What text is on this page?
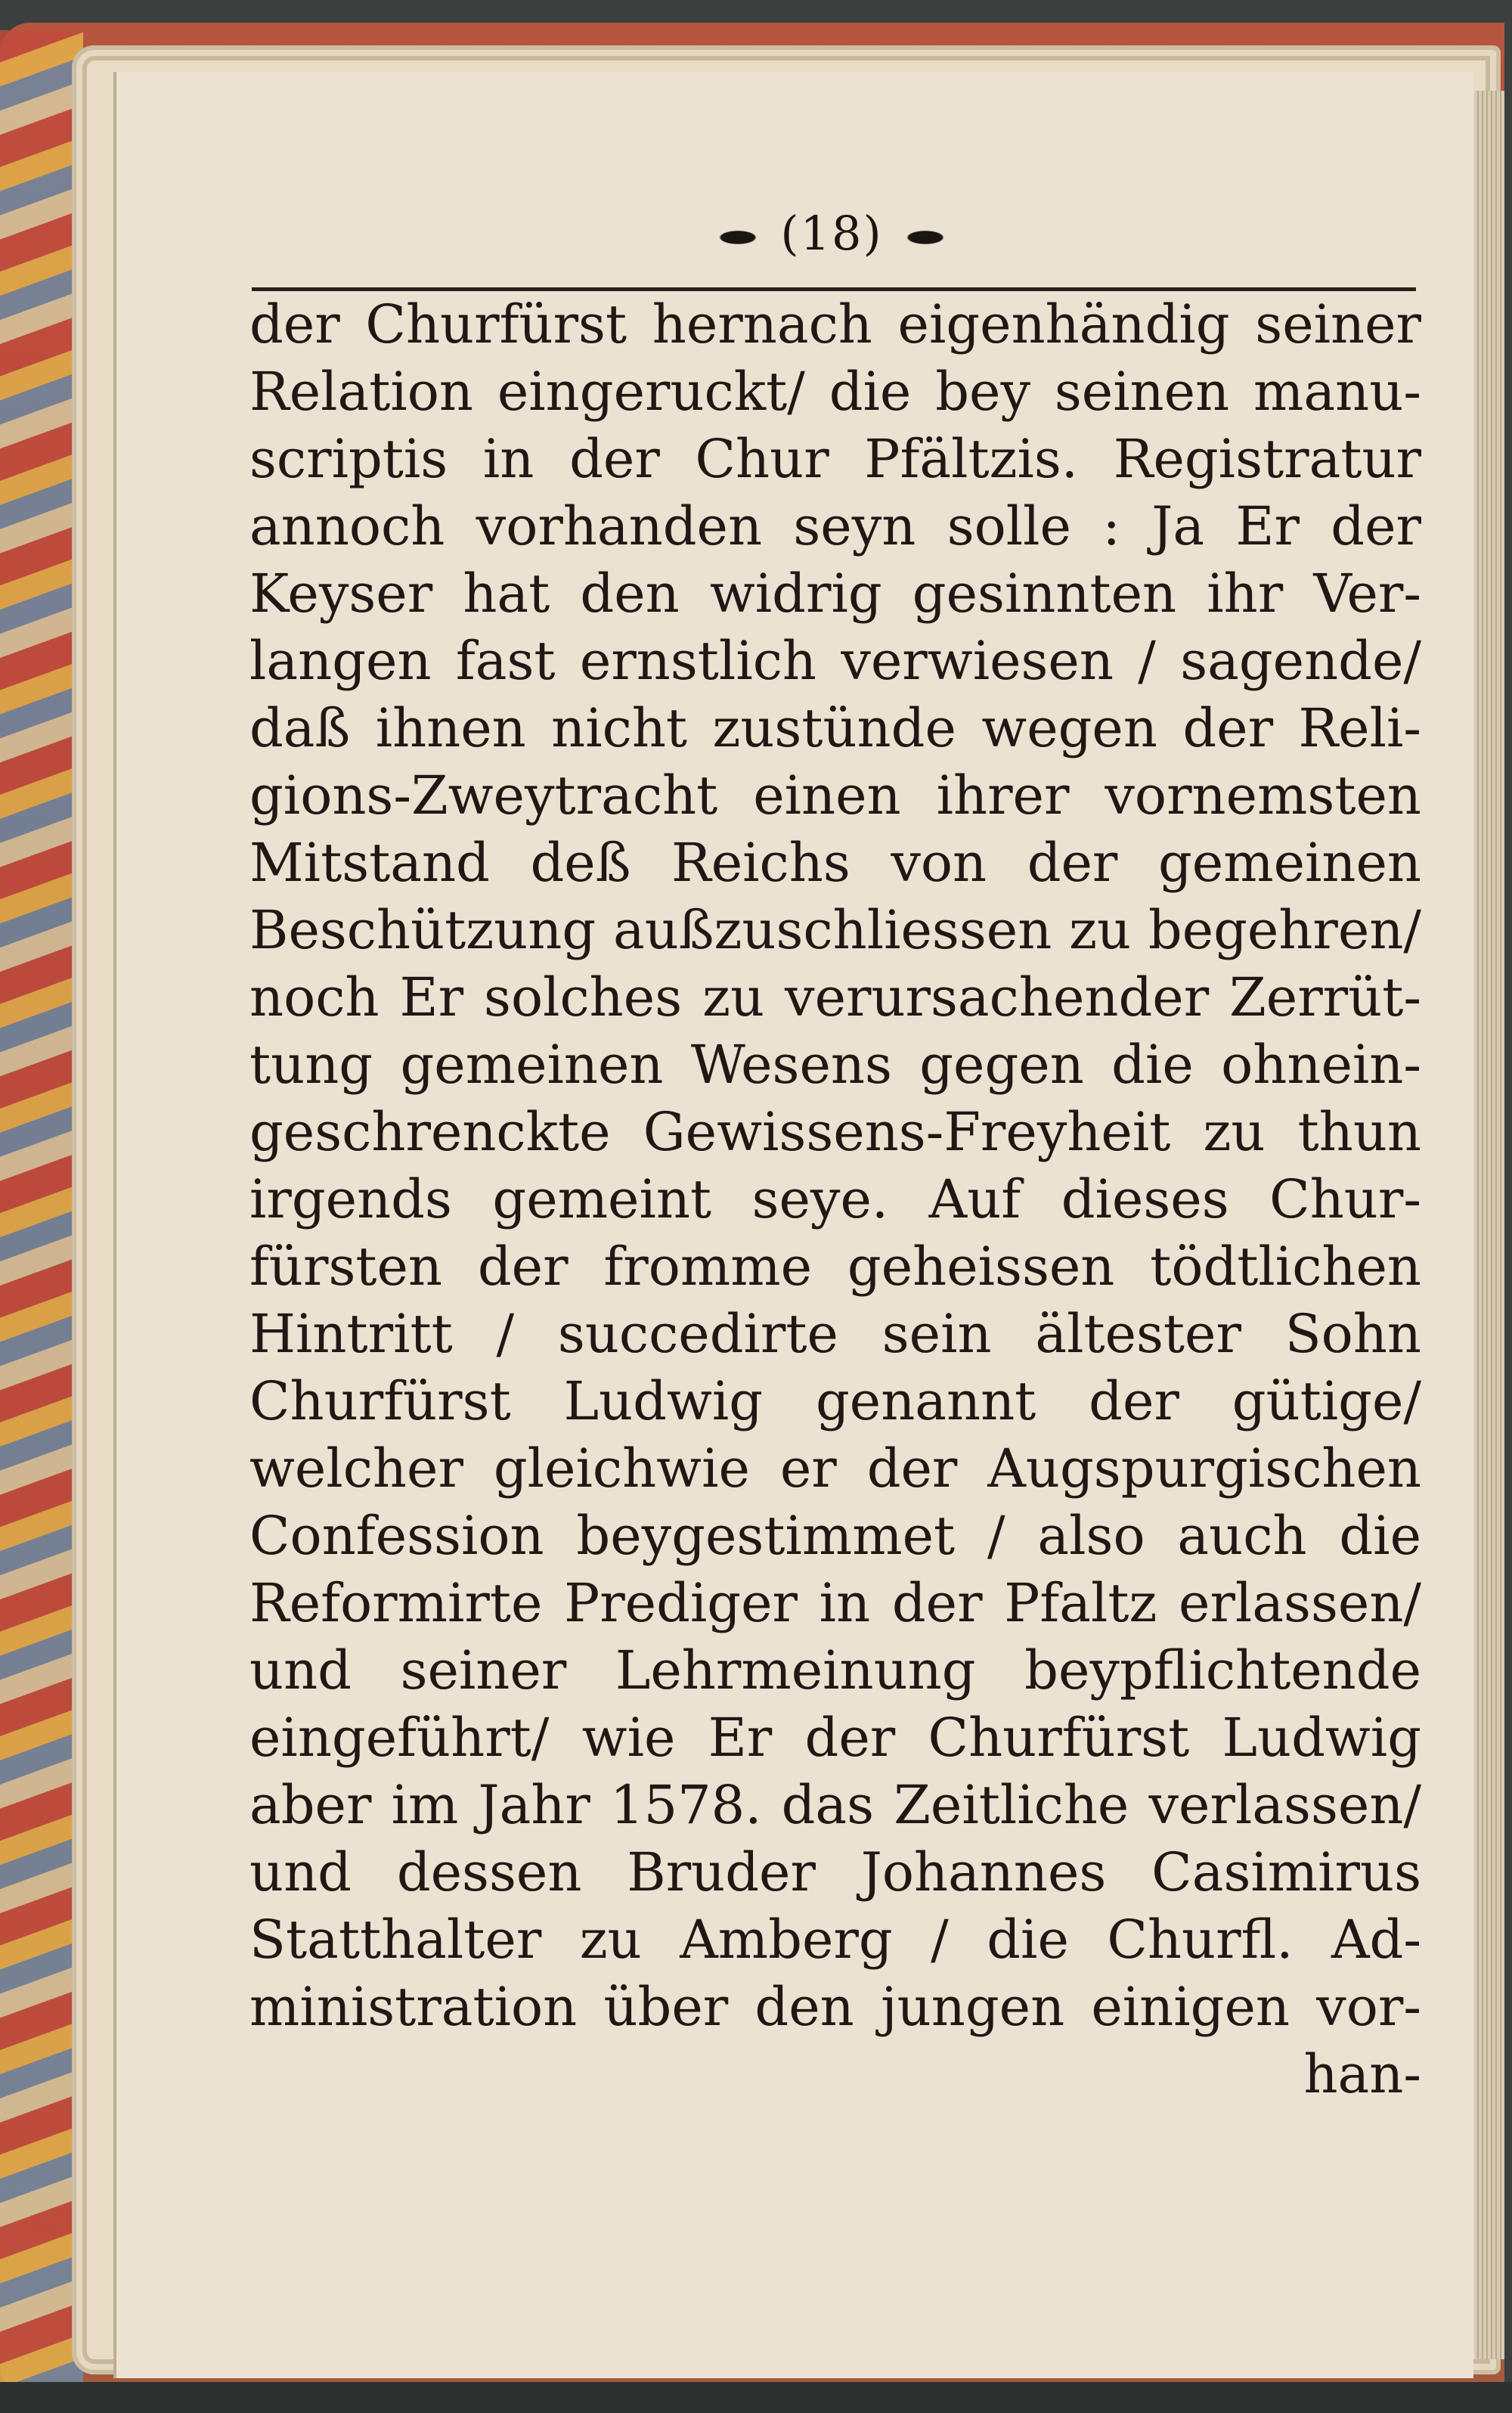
(18)
der Churfürst hernach eigenhändig seiner
Relation eingeruckt/ die bey seinen manu-
scriptis in der Chur Pfältzis. Registratur
annoch vorhanden seyn solle : Ja Er der
Keyser hat den widrig gesinnten ihr Ver-
langen fast ernstlich verwiesen / sagende/
daß ihnen nicht zustünde wegen der Reli-
gions-Zweytracht einen ihrer vornemsten
Mitstand deß Reichs von der gemeinen
Beschützung außzuschliessen zu begehren/
noch Er solches zu verursachender Zerrüt-
tung gemeinen Wesens gegen die ohnein-
geschrenckte Gewissens-Freyheit zu thun
irgends gemeint seye. Auf dieses Chur-
fürsten der fromme geheissen tödtlichen
Hintritt / succedirte sein ältester Sohn
Churfürst Ludwig genannt der gütige/
welcher gleichwie er der Augspurgischen
Confession beygestimmet / also auch die
Reformirte Prediger in der Pfaltz erlassen/
und seiner Lehrmeinung beypflichtende
eingeführt/ wie Er der Churfürst Ludwig
aber im Jahr 1578. das Zeitliche verlassen/
und dessen Bruder Johannes Casimirus
Statthalter zu Amberg / die Churfl. Ad-
ministration über den jungen einigen vor-
han-
